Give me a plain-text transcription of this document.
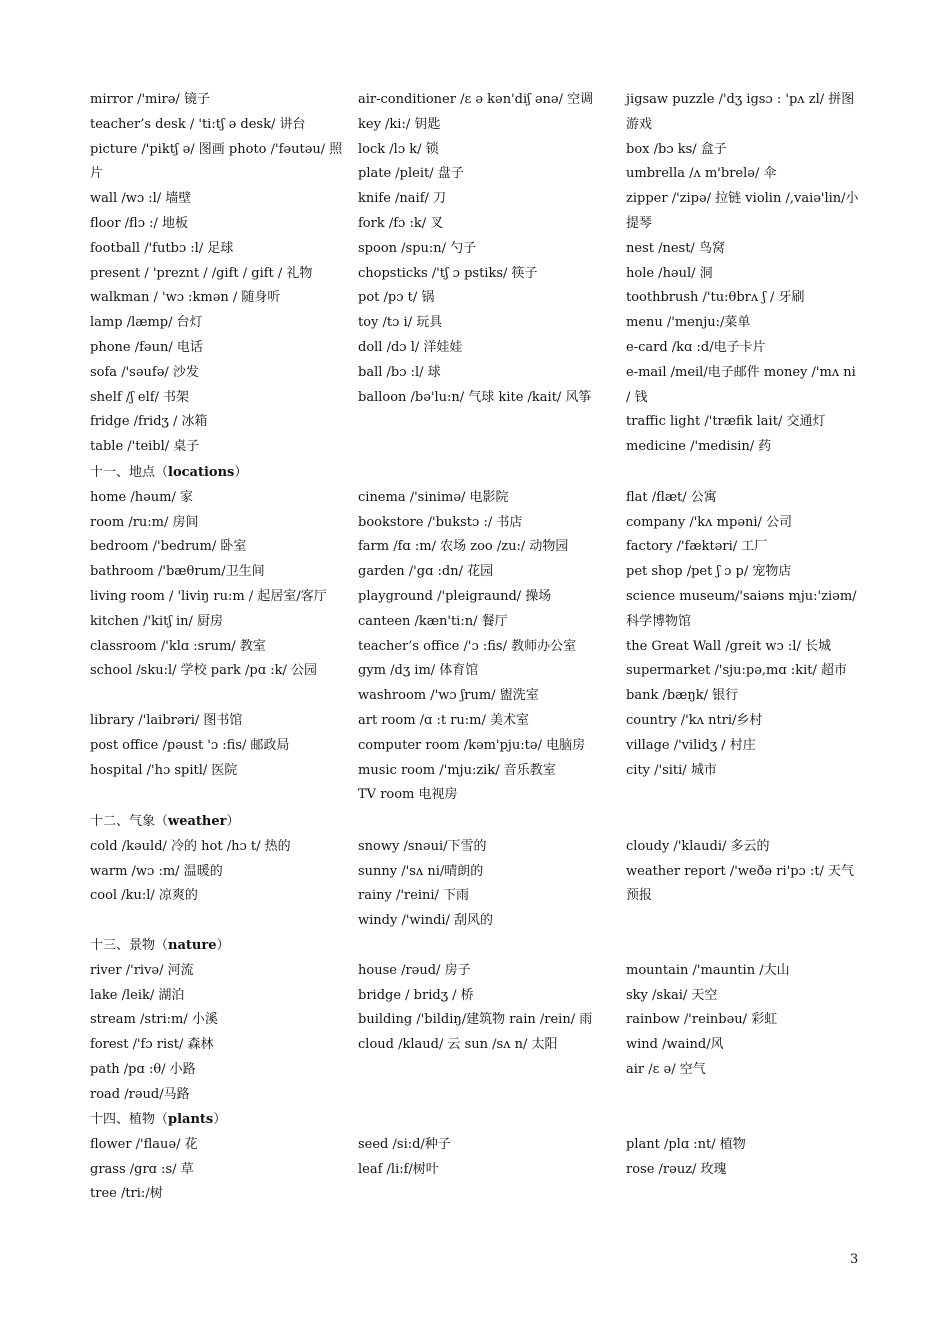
mirror /'mirə/ 镜子

teacher’s desk / 'ti:tʃ ə desk/ 讲台

picture /'piktʃ ə/ 图画 photo /'fəutəu/ 照片

wall /wɔ :l/ 墙壁

floor /flɔ :/ 地板

football /'futbɔ :l/ 足球

present / 'preznt / /gift / gift / 礼物

walkman / 'wɔ :kmən / 随身听

lamp /læmp/ 台灯

phone /fəun/ 电话

sofa /'səufə/ 沙发

shelf /ʃ elf/ 书架

fridge /fridʒ / 冰箱

table /'teibl/ 桌子

air-conditioner /ɛ ə kən'diʃ ənə/ 空调

key /ki:/ 钥匙

lock /lɔ k/ 锁

plate /pleit/ 盘子

knife /naif/ 刀

fork /fɔ :k/ 叉

spoon /spu:n/ 勺子

chopsticks /'tʃ ɔ pstiks/ 筷子

pot /pɔ t/ 锅

toy /tɔ i/ 玩具

doll /dɔ l/ 洋娃娃

ball /bɔ :l/ 球

balloon /bə'lu:n/ 气球 kite /kait/ 风筝

jigsaw puzzle /'dʒ igsɔ : 'pʌ zl/ 拼图游戏

box /bɔ ks/ 盒子

umbrella /ʌ m'brelə/ 伞

zipper /'zipə/ 拉链 violin /,vaiə'lin/小提琴

nest /nest/ 鸟窝

hole /həul/ 洞

toothbrush /'tu:θbrʌ ʃ / 牙刷

menu /'menju:/菜单

e-card /kɑ :d/电子卡片

e-mail /meil/电子邮件 money /'mʌ ni / 钱

traffic light /'træfik lait/ 交通灯

medicine /'medisin/ 药

十一、地点（locations）

home /həum/ 家

room /ru:m/ 房间

bedroom /'bedrum/ 卧室

bathroom /'bæθrum/卫生间

living room / 'liviŋ ru:m / 起居室/客厅

kitchen /'kitʃ in/ 厨房

classroom /'klɑ :srum/ 教室

school /sku:l/ 学校 park /pɑ :k/ 公园

library /'laibrəri/ 图书馆

post office /pəust 'ɔ :fis/ 邮政局

hospital /'hɔ spitl/ 医院

cinema /'sinimə/ 电影院

bookstore /'bukstɔ :/ 书店

farm /fɑ :m/ 农场 zoo /zu:/ 动物园

garden /'gɑ :dn/ 花园

playground /'pleigraund/ 操场

canteen /kæn'ti:n/ 餐厅

teacher’s office /'ɔ :fis/ 教师办公室

gym /dʒ im/ 体育馆

washroom /'wɔ ʃrum/ 盥洗室

art room /ɑ :t ru:m/ 美术室

computer room /kəm'pju:tə/ 电脑房

music room /'mju:zik/ 音乐教室

TV room 电视房

flat /flæt/ 公寓

company /'kʌ mpəni/ 公司

factory /'fæktəri/ 工厂

pet shop /pet ʃ ɔ p/ 宠物店

science museum/'saiəns mju:'ziəm/科学博物馆

the Great Wall /greit wɔ :l/ 长城

supermarket /'sju:pə,mɑ :kit/ 超市

bank /bæŋk/ 银行

country /'kʌ ntri/乡村

village /'vilidʒ / 村庄

city /'siti/ 城市

十二、气象（weather）

cold /kəuld/ 冷的 hot /hɔ t/ 热的

warm /wɔ :m/ 温暖的

cool /ku:l/ 凉爽的

snowy /snəui/下雪的

sunny /'sʌ ni/晴朗的

rainy /'reini/ 下雨

windy /'windi/ 刮风的

cloudy /'klaudi/ 多云的

weather report /'weðə ri'pɔ :t/ 天气预报

十三、景物（nature）

river /'rivə/ 河流

lake /leik/ 湖泊

stream /stri:m/ 小溪

forest /'fɔ rist/ 森林

path /pɑ :θ/ 小路

road /rəud/马路

house /rəud/ 房子

bridge / bridʒ / 桥

building /'bildiŋ/建筑物 rain /rein/ 雨

cloud /klaud/ 云 sun /sʌ n/ 太阳

mountain /'mauntin /大山

sky /skai/ 天空

rainbow /'reinbəu/ 彩虹

wind /waind/风

air /ɛ ə/ 空气

十四、植物（plants）

flower /'flauə/ 花

grass /grɑ :s/ 草

tree /tri:/树

seed /si:d/种子

leaf /li:f/树叶

plant /plɑ :nt/ 植物

rose /rəuz/ 玫瑰

3
